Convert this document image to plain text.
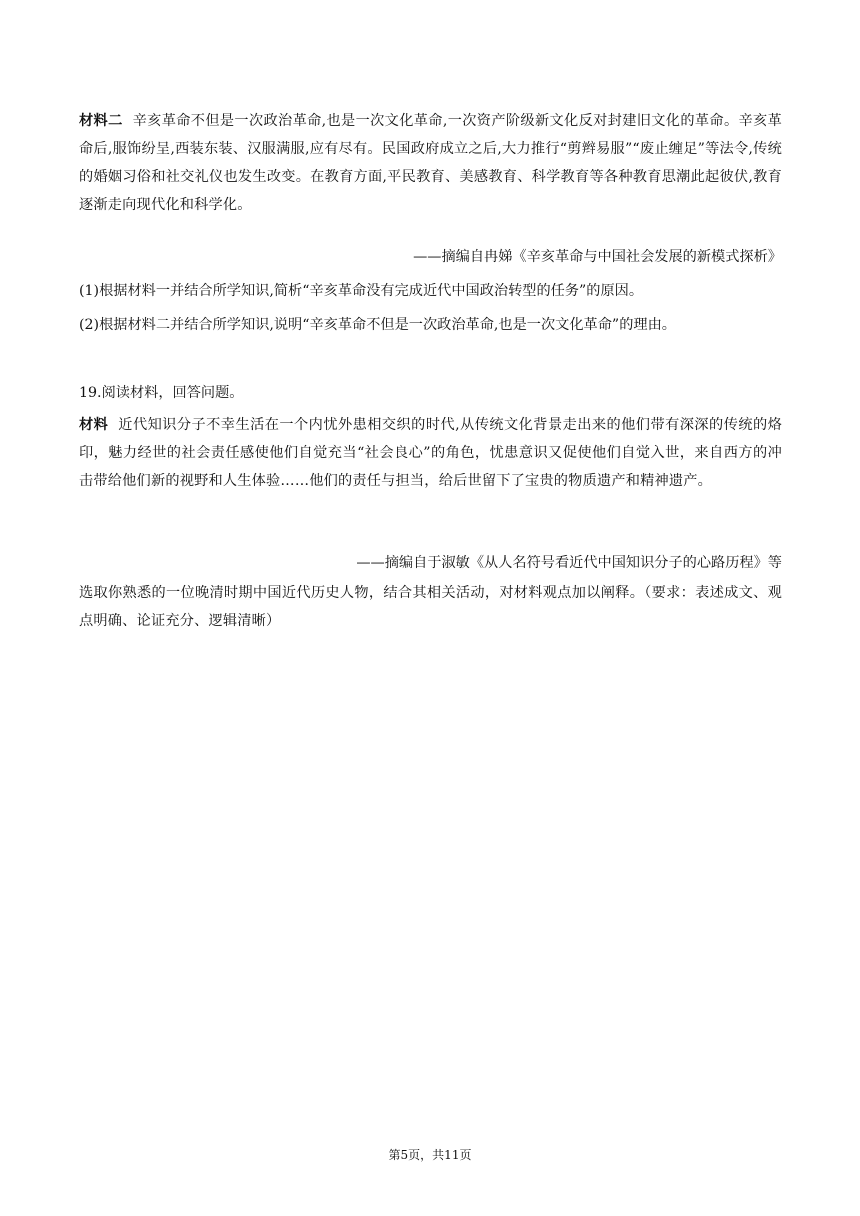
材料二 辛亥革命不但是一次政治革命,也是一次文化革命,一次资产阶级新文化反对封建旧文化的革命。辛亥革命后,服饰纷呈,西装东装、汉服满服,应有尽有。民国政府成立之后,大力推行“剪辫易服”“废止缠足”等法令,传统的婚姻习俗和社交礼仪也发生改变。在教育方面,平民教育、美感教育、科学教育等各种教育思潮此起彼伏,教育逐渐走向现代化和科学化。

——摘编自冉娣《辛亥革命与中国社会发展的新模式探析》
(1)根据材料一并结合所学知识,简析“辛亥革命没有完成近代中国政治转型的任务”的原因。
(2)根据材料二并结合所学知识,说明“辛亥革命不但是一次政治革命,也是一次文化革命”的理由。
19.阅读材料，回答问题。

材料 近代知识分子不幸生活在一个内忧外患相交织的时代,从传统文化背景走出来的他们带有深深的传统的烙印，魅力经世的社会责任感使他们自觉充当“社会良心”的角色，忧患意识又促使他们自觉入世，来自西方的冲击带给他们新的视野和人生体验……他们的责任与担当，给后世留下了宝贵的物质遗产和精神遗产。

——摘编自于淑敏《从人名符号看近代中国知识分子的心路历程》等

选取你熟悉的一位晚清时期中国近代历史人物，结合其相关活动，对材料观点加以阐释。（要求：表述成文、观点明确、论证充分、逻辑清晰）

第5页，共11页
